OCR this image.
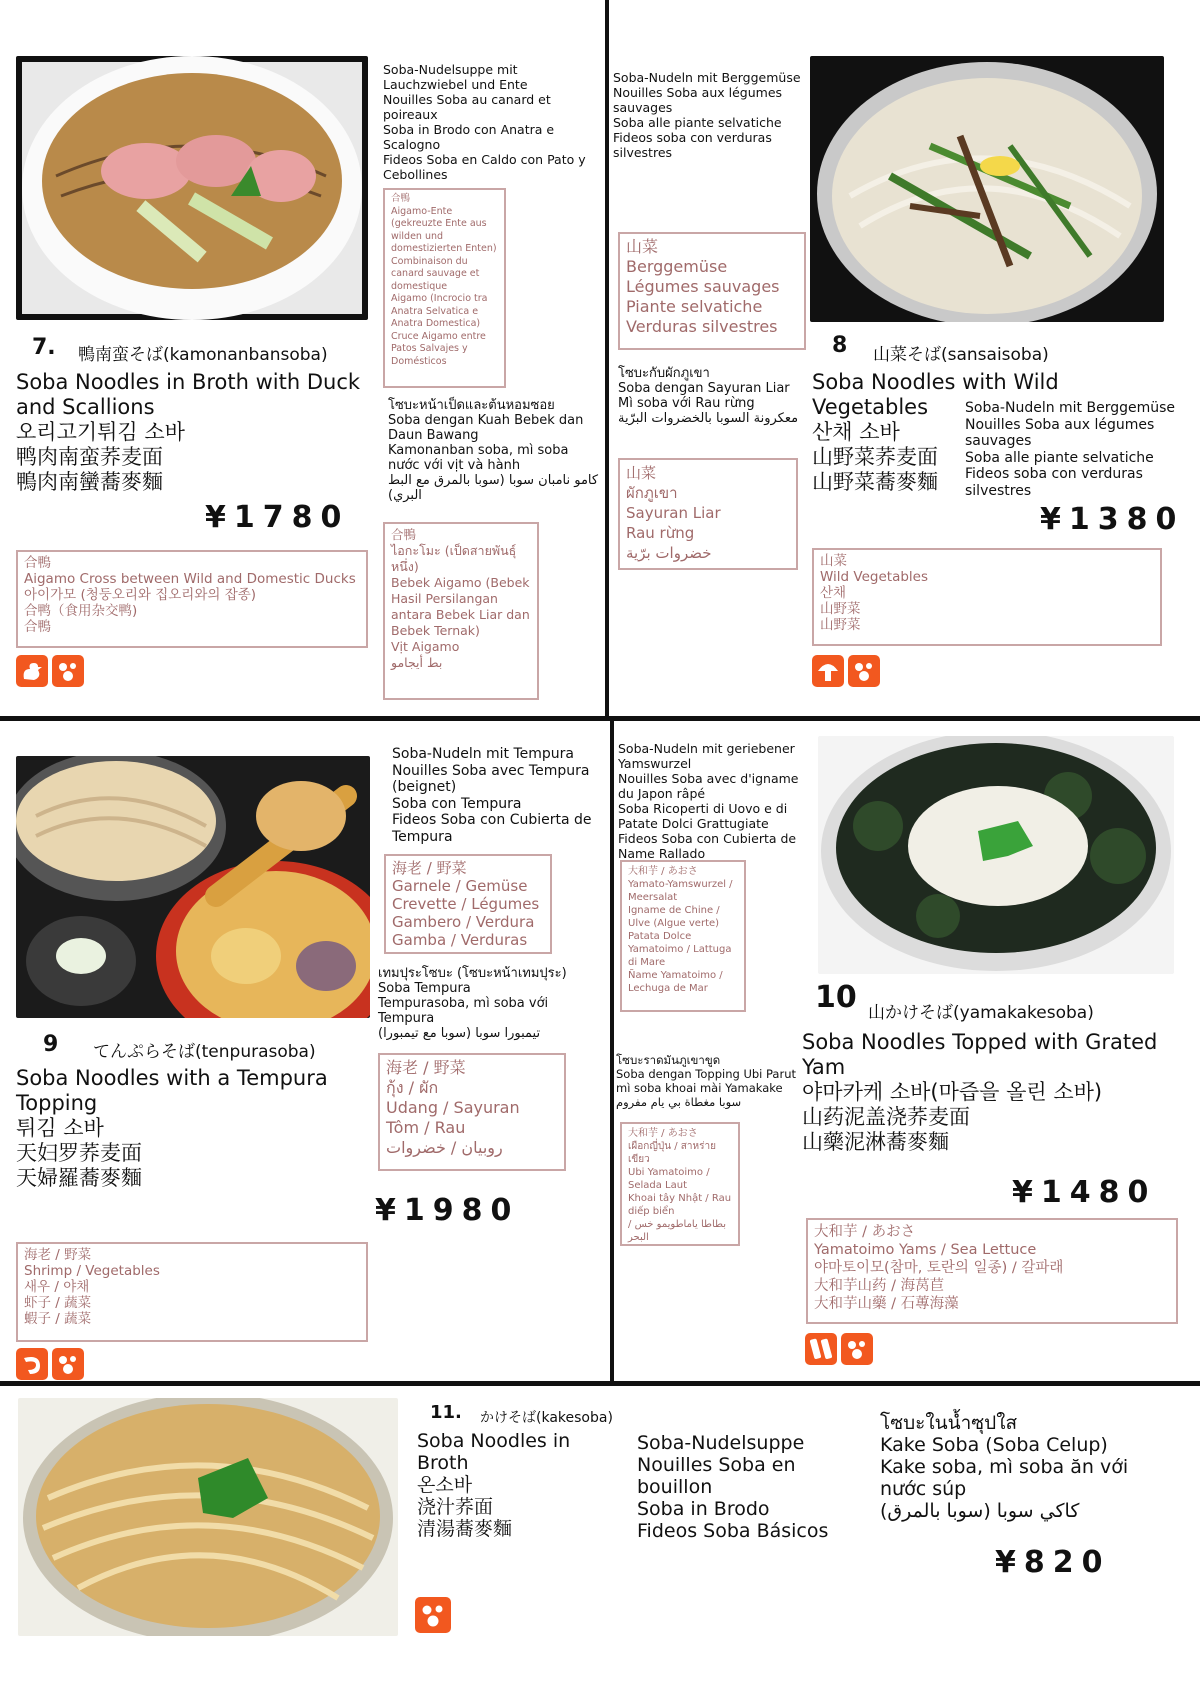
7. 鴨南蛮そば(kamonanbansoba)
Soba Noodles in Broth with Duck and Scallions
오리고기튀김 소바
鸭肉南蛮荞麦面
鴨肉南蠻蕎麥麵
¥1780
合鴨
Aigamo Cross between Wild and Domestic Ducks
아이가모 (청둥오리와 집오리와의 잡종)
合鸭（食用杂交鸭)
合鴨
Soba-Nudelsuppe mit Lauchzwiebel und Ente
Nouilles Soba au canard et poireaux
Soba in Brodo con Anatra e Scalogno
Fideos Soba en Caldo con Pato y Cebollines
合鴨
Aigamo-Ente (gekreuzte Ente aus wilden und domestizierten Enten)
Combinaison du canard sauvage et domestique
Aigamo (Incrocio tra Anatra Selvatica e Anatra Domestica)
Cruce Aigamo entre Patos Salvajes y Domésticos
โซบะหน้าเป็ดและต้นหอมซอย
Soba dengan Kuah Bebek dan Daun Bawang
Kamonanban soba, mì soba nước với vịt và hành
كامو نامبان سوبا (سوبا بالمرق مع البط البري)
合鴨
ไอกะโมะ (เป็ดสายพันธุ์หนึ่ง)
Bebek Aigamo (Bebek Hasil Persilangan antara Bebek Liar dan Bebek Ternak)
Vịt Aigamo
بط أيجامو
Soba-Nudeln mit Berggemüse
Nouilles Soba aux légumes sauvages
Soba alle piante selvatiche
Fideos soba con verduras silvestres
山菜
Berggemüse
Légumes sauvages
Piante selvatiche
Verduras silvestres
โซบะกับผักภูเขา
Soba dengan Sayuran Liar
Mì soba với Rau rừng
معكرونة السوبا بالخضروات البرّية
山菜
ผักภูเขา
Sayuran Liar
Rau rừng
خضروات برّية
8 山菜そば(sansaisoba)
Soba Noodles with Wild Vegetables
산채 소바
山野菜荞麦面
山野菜蕎麥麵
Soba-Nudeln mit Berggemüse
Nouilles Soba aux légumes sauvages
Soba alle piante selvatiche
Fideos soba con verduras silvestres
¥1380
山菜
Wild Vegetables
산채
山野菜
山野菜
9 てんぷらそば(tenpurasoba)
Soba Noodles with a Tempura Topping
튀김 소바
天妇罗荞麦面
天婦羅蕎麥麵
¥1980
海老 / 野菜
Shrimp / Vegetables
새우 / 야채
虾子 / 蔬菜
蝦子 / 蔬菜
Soba-Nudeln mit Tempura
Nouilles Soba avec Tempura (beignet)
Soba con Tempura
Fideos Soba con Cubierta de Tempura
海老 / 野菜
Garnele / Gemüse
Crevette / Légumes
Gambero / Verdura
Gamba / Verduras
เทมปุระโซบะ (โซบะหน้าเทมปุระ)
Soba Tempura
Tempurasoba, mì soba với Tempura
تيمبورا سوبا (سوبا مع تيمبورا)
海老 / 野菜
กุ้ง / ผัก
Udang / Sayuran
Tôm / Rau
روبيان / خضروات
Soba-Nudeln mit geriebener Yamswurzel
Nouilles Soba avec d'igname du Japon râpé
Soba Ricoperti di Uovo e di Patate Dolci Grattugiate
Fideos Soba con Cubierta de Name Rallado
大和芋 / あおさ
Yamato-Yamswurzel / Meersalat
Igname de Chine / Ulve (Algue verte)
Patata Dolce Yamatoimo / Lattuga di Mare
Ñame Yamatoimo / Lechuga de Mar
โซบะราดมันภูเขาขูด
Soba dengan Topping Ubi Parut
mì soba khoai mài Yamakake
سوبا مغطاة بي يام مفروم
大和芋 / あおさ
เผือกญี่ปุ่น / สาหร่ายเขียว
Ubi Yamatoimo / Selada Laut
Khoai tây Nhật / Rau diếp biển
/ بطاطا ياماطويمو خس البحر
10 山かけそば(yamakakesoba)
Soba Noodles Topped with Grated Yam
야마카케 소바(마즙을 올린 소바)
山药泥盖浇荞麦面
山藥泥淋蕎麥麵
¥1480
大和芋 / あおさ
Yamatoimo Yams / Sea Lettuce
야마토이모(참마, 토란의 일종) / 갈파래
大和芋山药 / 海莴苣
大和芋山藥 / 石蓴海藻
11. かけそば(kakesoba)
Soba Noodles in Broth
온소바
浇汁荞面
清湯蕎麥麵
Soba-Nudelsuppe
Nouilles Soba en bouillon
Soba in Brodo
Fideos Soba Básicos
โซบะในน้ำซุปใส
Kake Soba (Soba Celup)
Kake soba, mì soba ăn với nước súp
كاكي سوبا (سوبا بالمرق)
¥820
